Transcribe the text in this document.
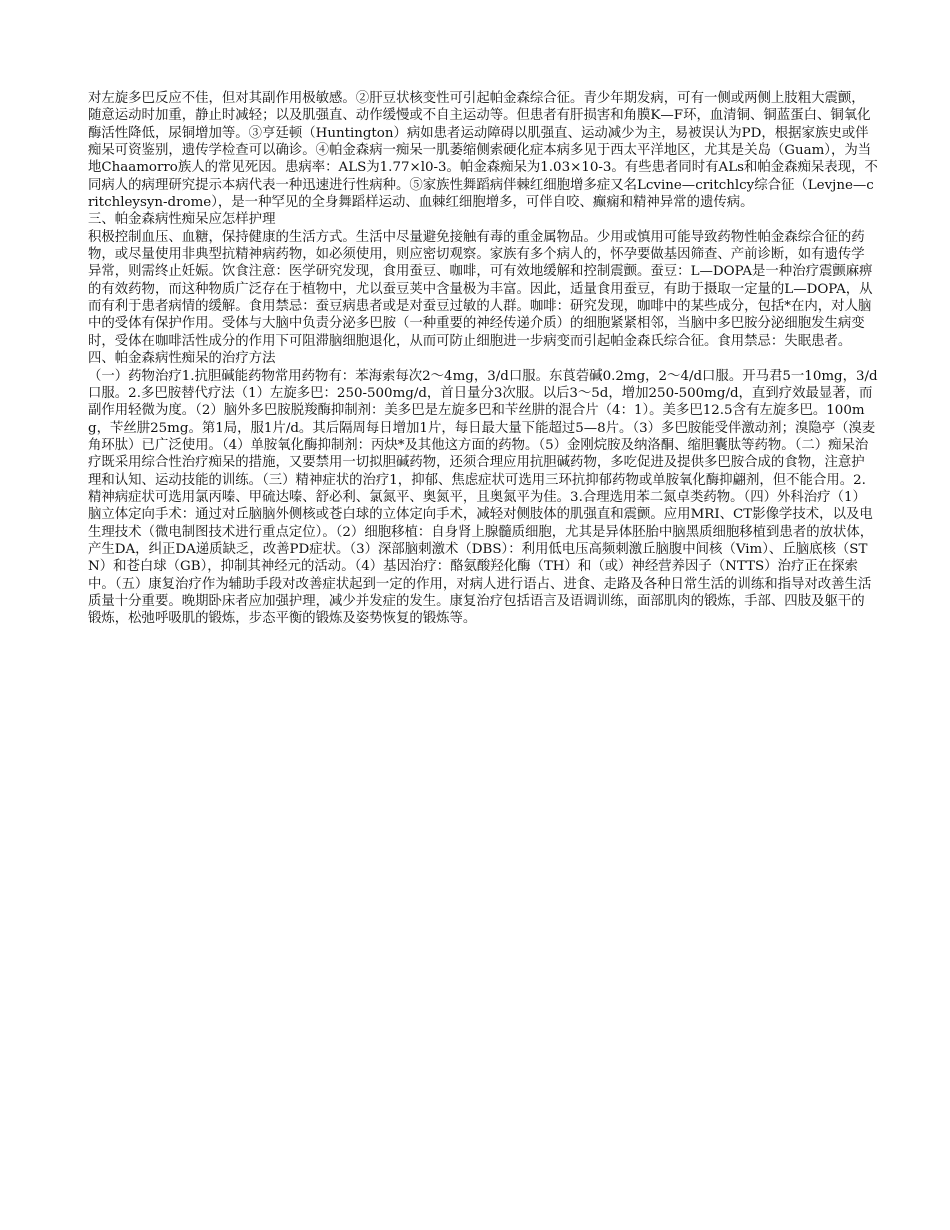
对左旋多巴反应不佳，但对其副作用极敏感。②肝豆状核变性可引起帕金森综合征。青少年期发病，可有一侧或两侧上肢粗大震颤，随意运动时加重，静止时减轻；以及肌强直、动作缓慢或不自主运动等。但患者有肝损害和角膜K—F环，血清铜、铜蓝蛋白、铜氧化酶活性降低，尿铜增加等。③亨廷顿（Huntington）病如患者运动障碍以肌强直、运动减少为主，易被误认为PD，根据家族史或伴痴呆可资鉴别，遗传学检查可以确诊。④帕金森病一痴呆一肌萎缩侧索硬化症本病多见于西太平洋地区，尤其是关岛（Guam），为当地Chaamorro族人的常见死因。患病率：ALS为1.77×l0-3。帕金森痴呆为1.03×10-3。有些患者同时有ALs和帕金森痴呆表现，不同病人的病理研究提示本病代表一种迅速进行性病种。⑤家族性舞蹈病伴棘红细胞增多症又名Lcvine—critchlcy综合征（Levjne—critchleysyn-drome），是一种罕见的全身舞蹈样运动、血棘红细胞增多，可伴自咬、癫痫和精神异常的遗传病。

三、帕金森病性痴呆应怎样护理

积极控制血压、血糖，保持健康的生活方式。生活中尽量避免接触有毒的重金属物品。少用或慎用可能导致药物性帕金森综合征的药物，或尽量使用非典型抗精神病药物，如必须使用，则应密切观察。家族有多个病人的，怀孕要做基因筛查、产前诊断，如有遗传学异常，则需终止妊娠。饮食注意：医学研究发现，食用蚕豆、咖啡，可有效地缓解和控制震颤。蚕豆：L—DOPA是一种治疗震颤麻痹的有效药物，而这种物质广泛存在于植物中，尤以蚕豆荚中含量极为丰富。因此，适量食用蚕豆，有助于摄取一定量的L—DOPA，从而有利于患者病情的缓解。食用禁忌：蚕豆病患者或是对蚕豆过敏的人群。咖啡：研究发现，咖啡中的某些成分，包括*在内，对人脑中的受体有保护作用。受体与大脑中负责分泌多巴胺（一种重要的神经传递介质）的细胞紧紧相邻，当脑中多巴胺分泌细胞发生病变时，受体在咖啡活性成分的作用下可阻滞脑细胞退化，从而可防止细胞进一步病变而引起帕金森氏综合征。食用禁忌：失眠患者。

四、帕金森病性痴呆的治疗方法

（一）药物治疗1.抗胆碱能药物常用药物有：苯海索每次2～4mg，3/d口服。东莨菪碱0.2mg，2～4/d口服。开马君5一10mg，3/d口服。2.多巴胺替代疗法（1）左旋多巴：250-500mg/d，首日量分3次服。以后3～5d，增加250-500mg/d，直到疗效最显著，而副作用轻微为度。（2）脑外多巴胺脱羧酶抑制剂：美多巴是左旋多巴和苄丝肼的混合片（4：1）。美多巴12.5含有左旋多巴。100mg，苄丝肼25mg。第1局，服1片/d。其后隔周每日增加1片，每日最大量下能超过5—8片。（3）多巴胺能受伴激动剂；溴隐亭（溴麦角环肽）已广泛使用。（4）单胺氧化酶抑制剂：丙炔*及其他这方面的药物。（5）金刚烷胺及纳洛酮、缩胆囊肽等药物。（二）痴呆治疗既采用综合性治疗痴呆的措施，又要禁用一切拟胆碱药物，还须合理应用抗胆碱药物，多吃促进及提供多巴胺合成的食物，注意护理和认知、运动技能的训练。（三）精神症状的治疗1，抑郁、焦虑症状可选用三环抗抑郁药物或单胺氧化酶抑翩剂，但不能合用。2.精神病症状可选用氯丙嗪、甲硫达嗪、舒必利、氯氮平、奥氮平，且奥氮平为佳。3.合理选用苯二氮卓类药物。（四）外科治疗（1）脑立体定向手术：通过对丘脑脑外侧核或苍白球的立体定向手术，减轻对侧肢体的肌强直和震颤。应用MRI、CT影像学技术，以及电生理技术（微电制图技术进行重点定位）。（2）细胞移植：自身肾上腺髓质细胞，尤其是异体胚胎中脑黑质细胞移植到患者的放状体，产生DA，纠正DA递质缺乏，改善PD症状。（3）深部脑刺激术（DBS）：利用低电压高频刺激丘脑腹中间核（Vim）、丘脑底核（STN）和苍白球（GB），抑制其神经元的活动。（4）基因治疗：酪氨酸羟化酶（TH）和（或）神经营养因子（NTTS）治疗正在探索中。（五）康复治疗作为辅助手段对改善症状起到一定的作用，对病人进行语占、进食、走路及各种日常生活的训练和指导对改善生活质量十分重要。晚期卧床者应加强护理，减少并发症的发生。康复治疗包括语言及语调训练，面部肌肉的锻炼，手部、四肢及躯干的锻炼，松弛呼吸肌的锻炼，步态平衡的锻炼及姿势恢复的锻炼等。
